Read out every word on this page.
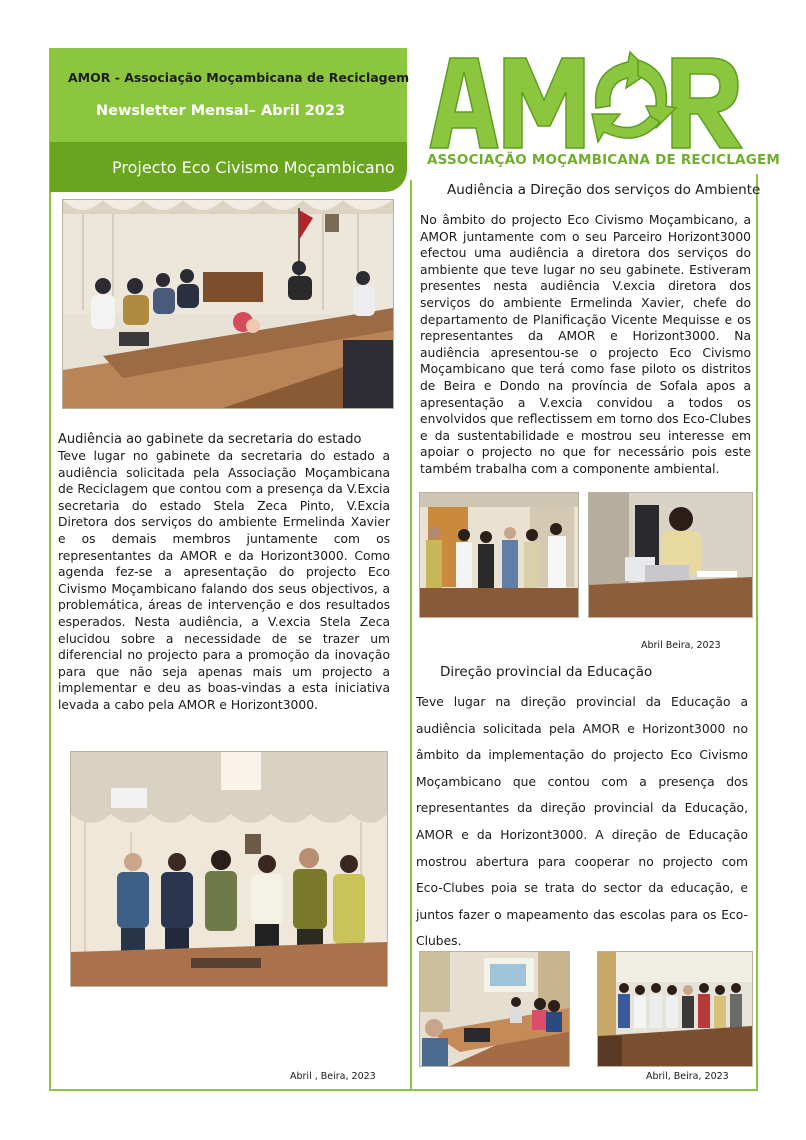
AMOR - Associação Moçambicana de Reciclagem
Newsletter Mensal– Abril 2023
Projecto Eco Civismo Moçambicano ASSOCIAÇÃO MOÇAMBICANA DE RECICLAGEM
Audiência ao gabinete da secretaria do estado
Teve lugar no gabinete da secretaria do estado a audiência solicitada pela Associação Moçambicana de Reciclagem que contou com a presença da V.Excia secretaria do estado Stela Zeca Pinto, V.Excia Diretora dos serviços do ambiente Ermelinda Xavier e os demais membros juntamente com os representantes da AMOR e da Horizont3000. Como agenda fez-se a apresentação do projecto Eco Civismo Moçambicano falando dos seus objectivos, a problemática, áreas de intervenção e dos resultados esperados. Nesta audiência, a V.excia Stela Zeca elucidou sobre a necessidade de se trazer um diferencial no projecto para a promoção da inovação para que não seja apenas mais um projecto a implementar e deu as boas-vindas a esta iniciativa levada a cabo pela AMOR e Horizont3000.
Abril , Beira, 2023
Audiência a Direção dos serviços do Ambiente
No âmbito do projecto Eco Civismo Moçambicano, a AMOR juntamente com o seu Parceiro Horizont3000 efectou uma audiência a diretora dos serviços do ambiente que teve lugar no seu gabinete. Estiveram presentes nesta audiência V.excia diretora dos serviços do ambiente Ermelinda Xavier, chefe do departamento de Planificação Vicente Mequisse e os representantes da AMOR e Horizont3000. Na audiência apresentou-se o projecto Eco Civismo Moçambicano que terá como fase piloto os distritos de Beira e Dondo na província de Sofala apos a apresentação a V.excia convidou a todos os envolvidos que reflectissem em torno dos Eco-Clubes e da sustentabilidade e mostrou seu interesse em apoiar o projecto no que for necessário pois este também trabalha com a componente ambiental.
Abril Beira, 2023
Direção provincial da Educação
Teve lugar na direção provincial da Educação a audiência solicitada pela AMOR e Horizont3000 no âmbito da implementação do projecto Eco Civismo Moçambicano que contou com a presença dos representantes da direção provincial da Educação, AMOR e da Horizont3000. A direção de Educação mostrou abertura para cooperar no projecto com Eco-Clubes poia se trata do sector da educação, e juntos fazer o mapeamento das escolas para os Eco-Clubes.
Abril, Beira, 2023
